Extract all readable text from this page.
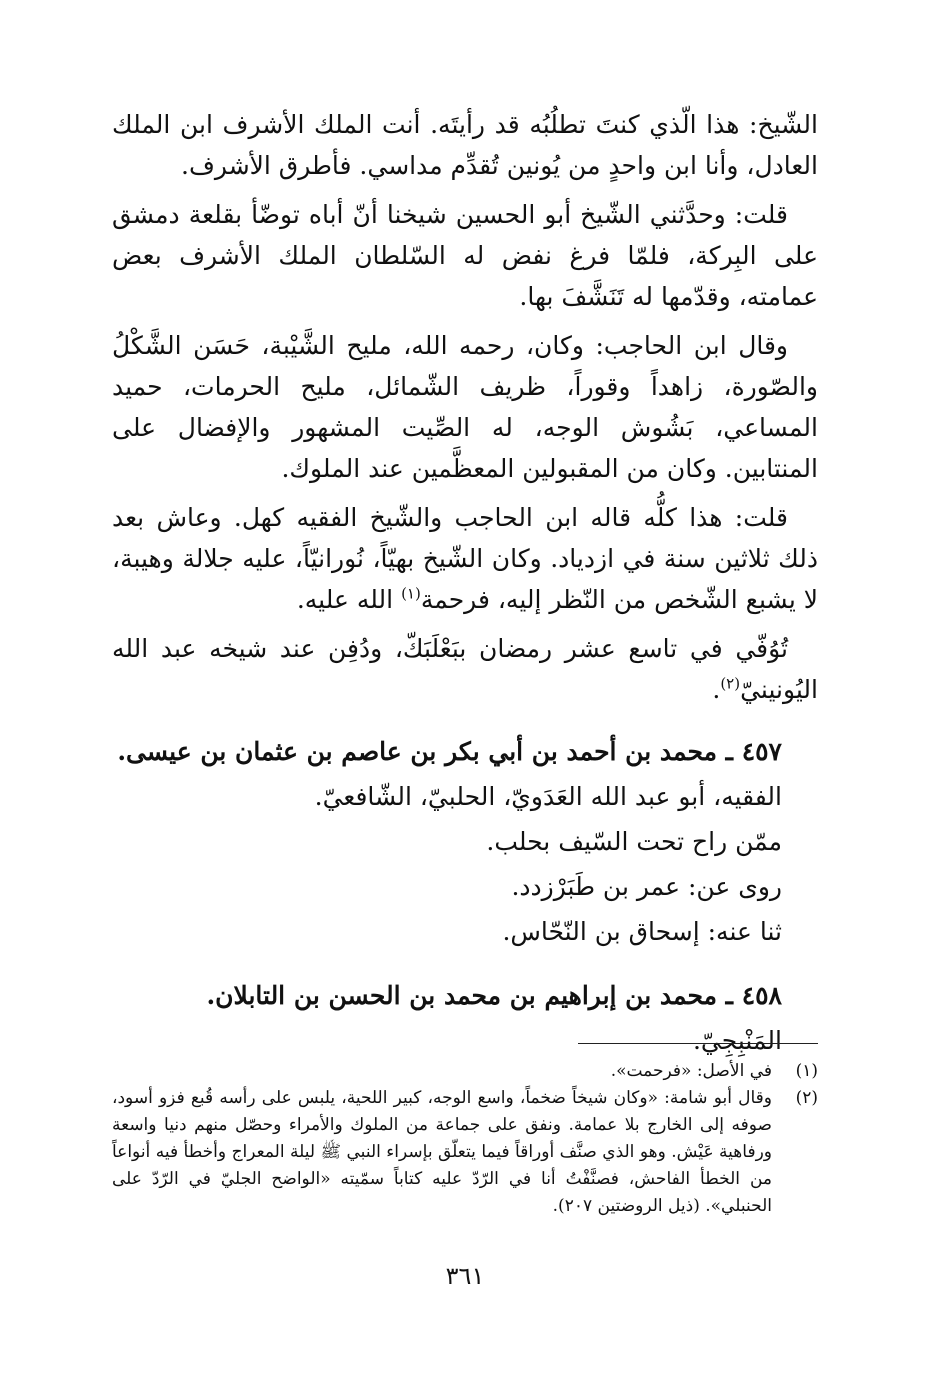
الشّيخ: هذا الّذي كنتَ تطلُبُه قد رأيتَه. أنت الملك الأشرف ابن الملك العادل، وأنا ابن واحدٍ من يُونين تُقدِّم مداسي. فأطرق الأشرف.

قلت: وحدَّثني الشّيخ أبو الحسين شيخنا أنّ أباه توضّأ بقلعة دمشق على البِركة، فلمّا فرغ نفض له السّلطان الملك الأشرف بعض عمامته، وقدّمها له تَنَشَّفَ بها.

وقال ابن الحاجب: وكان، رحمه الله، مليح الشَّيْبة، حَسَن الشَّكْلُ والصّورة، زاهداً وقوراً، ظريف الشّمائل، مليح الحرمات، حميد المساعي، بَشُوش الوجه، له الصِّيت المشهور والإفضال على المنتابين. وكان من المقبولين المعظَّمين عند الملوك.

قلت: هذا كلُّه قاله ابن الحاجب والشّيخ الفقيه كهل. وعاش بعد ذلك ثلاثين سنة في ازدياد. وكان الشّيخ بهيّاً، نُورانيّاً، عليه جلالة وهيبة، لا يشبع الشّخص من النّظر إليه، فرحمة$^{(١)}$ الله عليه.

تُوُفّي في تاسع عشر رمضان ببَعْلَبَكّ، ودُفِن عند شيخه عبد الله اليُونينيّ$^{(٢)}$.

٤٥٧ ـ محمد بن أحمد بن أبي بكر بن عاصم بن عثمان بن عيسى.

الفقيه، أبو عبد الله العَدَويّ، الحلبيّ، الشّافعيّ.

ممّن راح تحت السّيف بحلب.

روى عن: عمر بن طَبَرْزدد.

ثنا عنه: إسحاق بن النّحّاس.

٤٥٨ ـ محمد بن إبراهيم بن محمد بن الحسن بن التابلان.

المَنْبِجِيّ.

(١)
في الأصل: «فرحمت».
(٢)
وقال أبو شامة: «وكان شيخاً ضخماً، واسع الوجه، كبير اللحية، يلبس على رأسه قُبع فزو أسود، صوفه إلى الخارج بلا عمامة. ونفق على جماعة من الملوك والأمراء وحصّل منهم دنيا واسعة ورفاهية عَيْش. وهو الذي صنَّف أوراقاً فيما يتعلّق بإسراء النبي ﷺ ليلة المعراج وأخطأ فيه أنواعاً من الخطأ الفاحش، فصنَّفْتُ أنا في الرّدّ عليه كتاباً سمّيته «الواضح الجليّ في الرّدّ على الحنبلي». (ذيل الروضتين ٢٠٧).
٣٦١
